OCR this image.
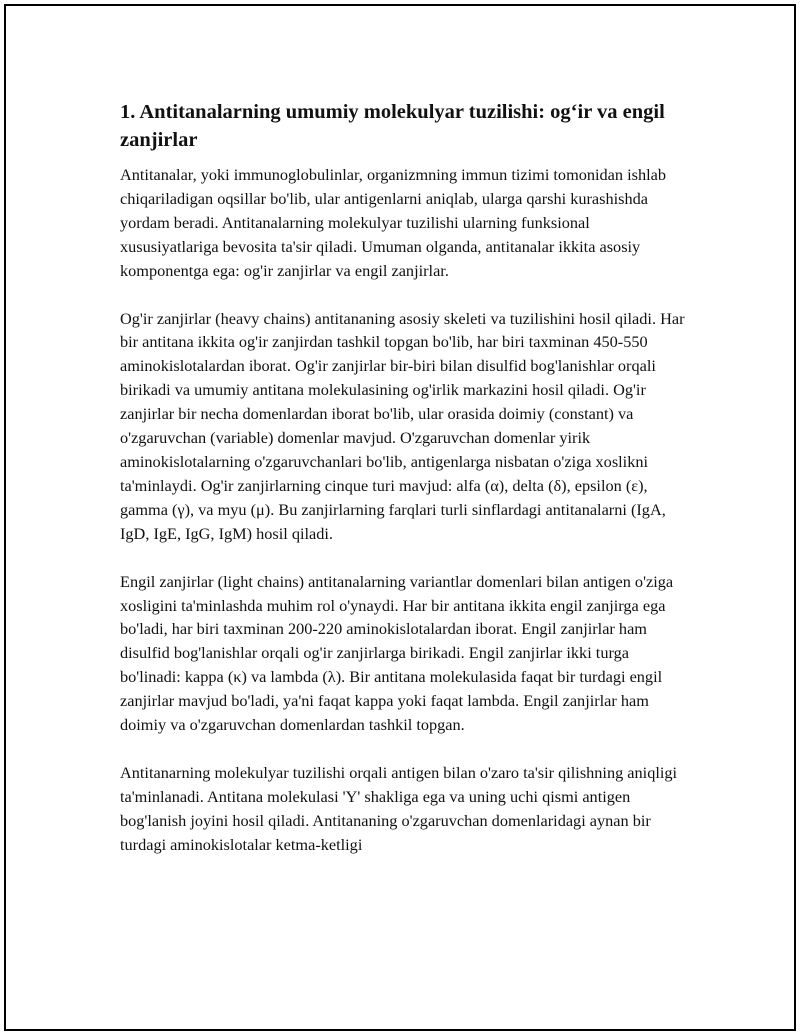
1. Antitanalarning umumiy molekulyar tuzilishi: og‘ir va engil zanjirlar

Antitanalar, yoki immunoglobulinlar, organizmning immun tizimi tomonidan ishlab chiqariladigan oqsillar bo'lib, ular antigenlarni aniqlab, ularga qarshi kurashishda yordam beradi. Antitanalarning molekulyar tuzilishi ularning funksional xususiyatlariga bevosita ta'sir qiladi. Umuman olganda, antitanalar ikkita asosiy komponentga ega: og'ir zanjirlar va engil zanjirlar.

Og'ir zanjirlar (heavy chains) antitananing asosiy skeleti va tuzilishini hosil qiladi. Har bir antitana ikkita og'ir zanjirdan tashkil topgan bo'lib, har biri taxminan 450-550 aminokislotalardan iborat. Og'ir zanjirlar bir-biri bilan disulfid bog'lanishlar orqali birikadi va umumiy antitana molekulasining og'irlik markazini hosil qiladi. Og'ir zanjirlar bir necha domenlardan iborat bo'lib, ular orasida doimiy (constant) va o'zgaruvchan (variable) domenlar mavjud. O'zgaruvchan domenlar yirik aminokislotalarning o'zgaruvchanlari bo'lib, antigenlarga nisbatan o'ziga xoslikni ta'minlaydi. Og'ir zanjirlarning cinque turi mavjud: alfa (α), delta (δ), epsilon (ε), gamma (γ), va myu (μ). Bu zanjirlarning farqlari turli sinflardagi antitanalarni (IgA, IgD, IgE, IgG, IgM) hosil qiladi.

Engil zanjirlar (light chains) antitanalarning variantlar domenlari bilan antigen o'ziga xosligini ta'minlashda muhim rol o'ynaydi. Har bir antitana ikkita engil zanjirga ega bo'ladi, har biri taxminan 200-220 aminokislotalardan iborat. Engil zanjirlar ham disulfid bog'lanishlar orqali og'ir zanjirlarga birikadi. Engil zanjirlar ikki turga bo'linadi: kappa (κ) va lambda (λ). Bir antitana molekulasida faqat bir turdagi engil zanjirlar mavjud bo'ladi, ya'ni faqat kappa yoki faqat lambda. Engil zanjirlar ham doimiy va o'zgaruvchan domenlardan tashkil topgan.

Antitanarning molekulyar tuzilishi orqali antigen bilan o'zaro ta'sir qilishning aniqligi ta'minlanadi. Antitana molekulasi 'Y' shakliga ega va uning uchi qismi antigen bog'lanish joyini hosil qiladi. Antitananing o'zgaruvchan domenlaridagi aynan bir turdagi aminokislotalar ketma-ketligi
